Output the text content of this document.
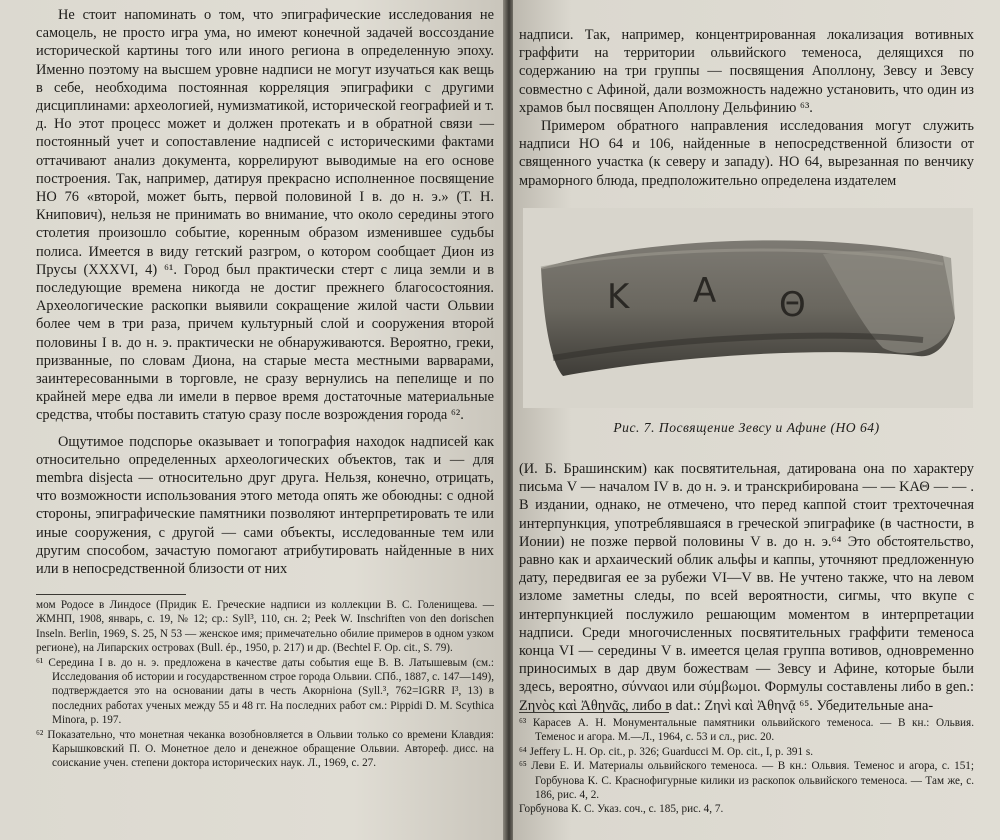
Не стоит напоминать о том, что эпиграфические исследования не самоцель, не просто игра ума, но имеют конечной задачей воссоздание исторической картины того или иного региона в определенную эпоху. Именно поэтому на высшем уровне надписи не могут изучаться как вещь в себе, необходима постоянная корреляция эпиграфики с другими дисциплинами: археологией, нумизматикой, исторической географией и т. д. Но этот процесс может и должен протекать и в обратной связи — постоянный учет и сопоставление надписей с историческими фактами оттачивают анализ документа, коррелируют выводимые на его основе построения. Так, например, датируя прекрасно исполненное посвящение НО 76 «второй, может быть, первой половиной I в. до н. э.» (Т. Н. Книпович), нельзя не принимать во внимание, что около середины этого столетия произошло событие, коренным образом изменившее судьбы полиса. Имеется в виду гетский разгром, о котором сообщает Дион из Прусы (XXXVI, 4) ⁶¹. Город был практически стерт с лица земли и в последующие времена никогда не достиг прежнего благосостояния. Археологические раскопки выявили сокращение жилой части Ольвии более чем в три раза, причем культурный слой и сооружения второй половины I в. до н. э. практически не обнаруживаются. Вероятно, греки, призванные, по словам Диона, на старые места местными варварами, заинтересованными в торговле, не сразу вернулись на пепелище и по крайней мере едва ли имели в первое время достаточные материальные средства, чтобы поставить статую сразу после возрождения города ⁶².

Ощутимое подспорье оказывает и топография находок надписей как относительно определенных археологических объектов, так и — для membra disjecta — относительно друг друга. Нельзя, конечно, отрицать, что возможности использования этого метода опять же обоюдны: с одной стороны, эпиграфические памятники позволяют интерпретировать те или иные сооружения, с другой — сами объекты, исследованные тем или другим способом, зачастую помогают атрибутировать найденные в них или в непосредственной близости от них

мом Родосе в Линдосе (Придик Е. Греческие надписи из коллекции В. С. Голенищева. — ЖМНП, 1908, январь, с. 19, № 12; ср.: Syll³, 110, сн. 2; Peek W. Inschriften von den dorischen Inseln. Berlin, 1969, S. 25, N 53 — женское имя; примечательно обилие примеров в одном узком регионе), на Липарских островах (Bull. ép., 1950, p. 217) и др. (Bechtel F. Op. cit., S. 79).

⁶¹ Середина I в. до н. э. предложена в качестве даты события еще В. В. Латышевым (см.: Исследования об истории и государственном строе города Ольвии. СПб., 1887, с. 147—149), подтверждается это на основании даты в честь Акорнiона (Syll.³, 762=IGRR I³, 13) в последних работах ученых между 55 и 48 гг. На последних работ см.: Pippidi D. M. Scythica Minora, p. 197.

⁶² Показательно, что монетная чеканка возобновляется в Ольвии только со времени Клавдия: Карышковский П. О. Монетное дело и денежное обращение Ольвии. Автореф. дисс. на соискание учен. степени доктора исторических наук. Л., 1969, с. 27.

надписи. Так, например, концентрированная локализация вотивных граффити на территории ольвийского теменоса, делящихся по содержанию на три группы — посвящения Аполлону, Зевсу и Зевсу совместно с Афиной, дали возможность надежно установить, что один из храмов был посвящен Аполлону Дельфинию ⁶³.

Примером обратного направления исследования могут служить надписи НО 64 и 106, найденные в непосредственной близости от священного участка (к северу и западу). НО 64, вырезанная по венчику мраморного блюда, предположительно определена издателем

Κ Α Θ
Рис. 7. Посвящение Зевсу и Афине (НО 64)

(И. Б. Брашинским) как посвятительная, датирована она по характеру письма V — началом IV в. до н. э. и транскрибирована — — ΚΑΘ — — . В издании, однако, не отмечено, что перед каппой стоит трехточечная интерпункция, употреблявшаяся в греческой эпиграфике (в частности, в Ионии) не позже первой половины V в. до н. э.⁶⁴ Это обстоятельство, равно как и архаический облик альфы и каппы, уточняют предложенную дату, передвигая ее за рубежи VI—V вв. Не учтено также, что на левом изломе заметны следы, по всей вероятности, сигмы, что вкупе с интерпункцией послужило решающим моментом в интерпретации надписи. Среди многочисленных посвятительных граффити теменоса конца VI — середины V в. имеется целая группа вотивов, одновременно приносимых в дар двум божествам — Зевсу и Афине, которые были здесь, вероятно, σύνναοι или σύμβωμοι. Формулы составлены либо в gen.: Ζηνὸς καὶ Ἀθηνᾶς, либо в dat.: Ζηνὶ καὶ Ἀθηνᾷ ⁶⁵. Убедительные ана-

⁶³ Карасев А. Н. Монументальные памятники ольвийского теменоса. — В кн.: Ольвия. Теменос и агора. М.—Л., 1964, с. 53 и сл., рис. 20.

⁶⁴ Jeffery L. H. Op. cit., p. 326; Guarducci M. Op. cit., I, p. 391 s.

⁶⁵ Леви Е. И. Материалы ольвийского теменоса. — В кн.: Ольвия. Теменос и агора, с. 151; Горбунова К. С. Краснофигурные килики из раскопок ольвийского теменоса. — Там же, с. 186, рис. 4, 2.

Горбунова К. С. Указ. соч., с. 185, рис. 4, 7.
